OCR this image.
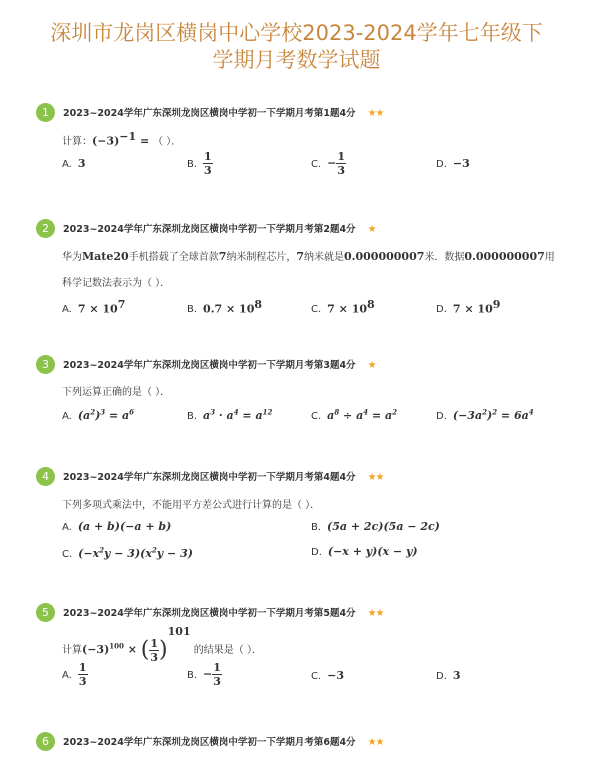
深圳市龙岗区横岗中心学校2023-2024学年七年级下
学期月考数学试题
1	2023~2024学年广东深圳龙岗区横岗中学初一下学期月考第1题4分 ★★
计算：$(-3)^{-1}$ = （ ）．
A. 3	B. $\frac{1}{3}$	C. − $\frac{1}{3}$	D. −3
2	2023~2024学年广东深圳龙岗区横岗中学初一下学期月考第2题4分 ★
华为Mate20手机搭载了全球首款7纳米制程芯片，7纳米就是0.000000007米．数据0.000000007用
科学记数法表示为（ ）．
A. $7 \times 10^7$	B. $0.7 \times 10^8$	C. $7 \times 10^8$	D. $7 \times 10^9$
3	2023~2024学年广东深圳龙岗区横岗中学初一下学期月考第3题4分 ★
下列运算正确的是（ ）．
A. $(a^2)^3 = a^6$	B. $a^3 \cdot a^4 = a^{12}$	C. $a^8 \div a^4 = a^2$	D. $(-3a^2)^2 = 6a^4$
4	2023~2024学年广东深圳龙岗区横岗中学初一下学期月考第4题4分 ★★
下列多项式乘法中，不能用平方差公式进行计算的是（ ）．
A. (a + b)(−a + b)	B. (5a + 2c)(5a − 2c)
C. $(-x^2y - 3)(x^2y - 3)$	D. (−x + y)(x − y)
5	2023~2024学年广东深圳龙岗区横岗中学初一下学期月考第5题4分 ★★
计算$(-3)^{100}$ × ( $\frac{1}{3} )^{101}$ 的结果是（ ）．
A. $\frac{1}{3}$	B. − $\frac{1}{3}$	C. −3	D. 3
6	2023~2024学年广东深圳龙岗区横岗中学初一下学期月考第6题4分 ★★
